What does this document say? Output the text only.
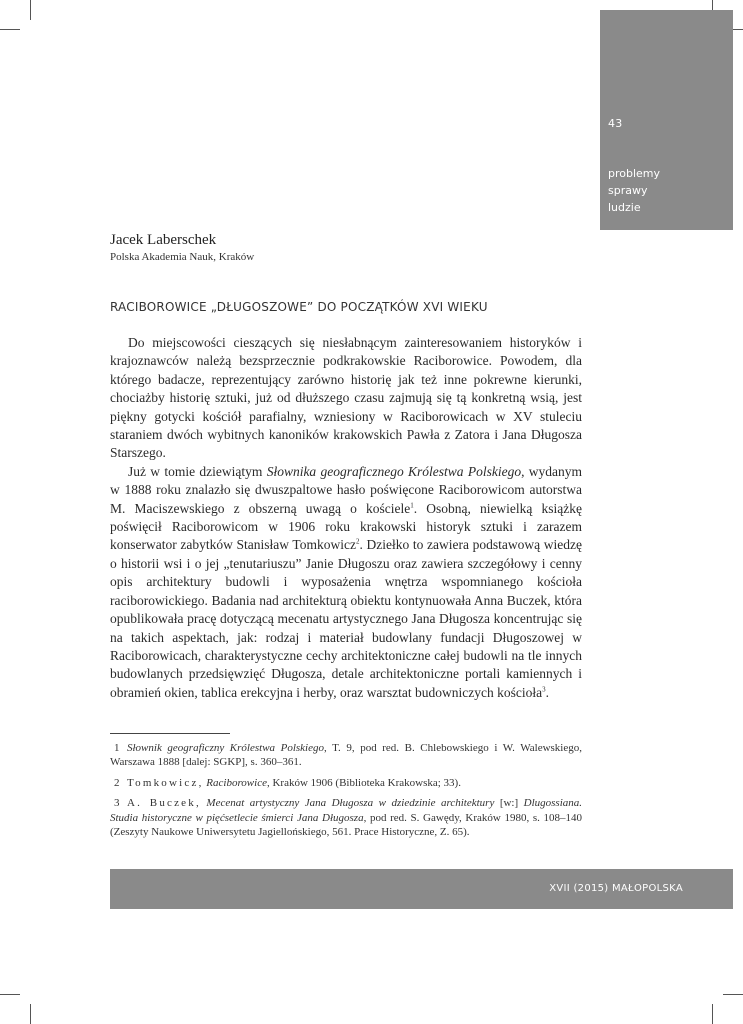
43
problemy
sprawy
ludzie
Jacek Laberschek
Polska Akademia Nauk, Kraków
RACIBOROWICE „DŁUGOSZOWE” DO POCZĄTKÓW XVI WIEKU

Do miejscowości cieszących się niesłabnącym zainteresowaniem historyków i krajoznawców należą bezsprzecznie podkrakowskie Raciborowice. Powodem, dla którego badacze, reprezentujący zarówno historię jak też inne pokrewne kierunki, chociażby historię sztuki, już od dłuższego czasu zajmują się tą konkretną wsią, jest piękny gotycki kościół parafialny, wzniesiony w Raciborowicach w XV stuleciu staraniem dwóch wybitnych kanoników krakowskich Pawła z Zatora i Jana Długosza Starszego.

Już w tomie dziewiątym Słownika geograficznego Królestwa Polskiego, wydanym w 1888 roku znalazło się dwuszpaltowe hasło poświęcone Raciborowicom autorstwa M. Maciszewskiego z obszerną uwagą o kościele$^1$. Osobną, niewielką książkę poświęcił Raciborowicom w 1906 roku krakowski historyk sztuki i zarazem konserwator zabytków Stanisław Tomkowicz$^2$. Dziełko to zawiera podstawową wiedzę o historii wsi i o jej „tenutariuszu” Janie Długoszu oraz zawiera szczegółowy i cenny opis architektury budowli i wyposażenia wnętrza wspomnianego kościoła raciborowickiego. Badania nad architekturą obiektu kontynuowała Anna Buczek, która opublikowała pracę dotyczącą mecenatu artystycznego Jana Długosza koncentrując się na takich aspektach, jak: rodzaj i materiał budowlany fundacji Długoszowej w Raciborowicach, charakterystyczne cechy architektoniczne całej budowli na tle innych budowlanych przedsięwzięć Długosza, detale architektoniczne portali kamiennych i obramień okien, tablica erekcyjna i herby, oraz warsztat budowniczych kościoła$^3$.

1 Słownik geograficzny Królestwa Polskiego, T. 9, pod red. B. Chlebowskiego i W. Walewskiego, Warszawa 1888 [dalej: SGKP], s. 360–361.
2 Tomkowicz, Raciborowice, Kraków 1906 (Biblioteka Krakowska; 33).
3 A. Buczek, Mecenat artystyczny Jana Długosza w dziedzinie architektury [w:] Dlugossiana. Studia historyczne w pięćsetlecie śmierci Jana Długosza, pod red. S. Gawędy, Kraków 1980, s. 108–140 (Zeszyty Naukowe Uniwersytetu Jagiellońskiego, 561. Prace Historyczne, Z. 65).
XVII (2015) MAŁOPOLSKA
